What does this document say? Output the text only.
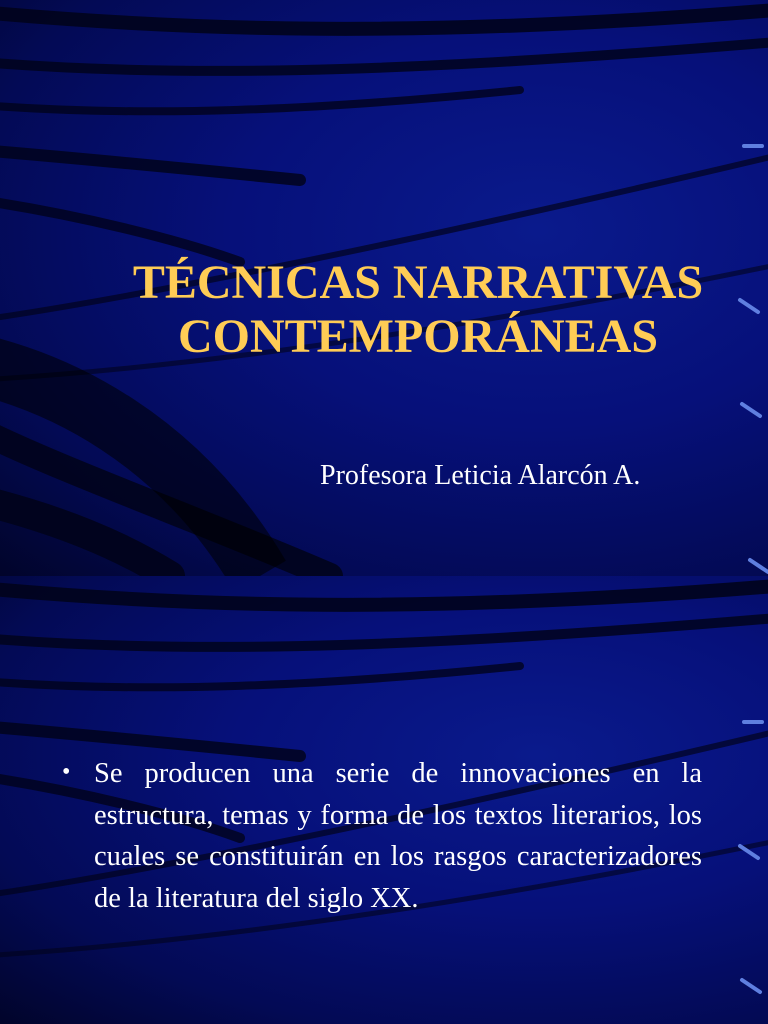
TÉCNICAS NARRATIVAS
CONTEMPORÁNEAS

Profesora Leticia Alarcón A.

• Se producen una serie de innovaciones en la estructura, temas y forma de los textos literarios, los cuales se constituirán en los rasgos caracterizadores de la literatura del siglo XX.
